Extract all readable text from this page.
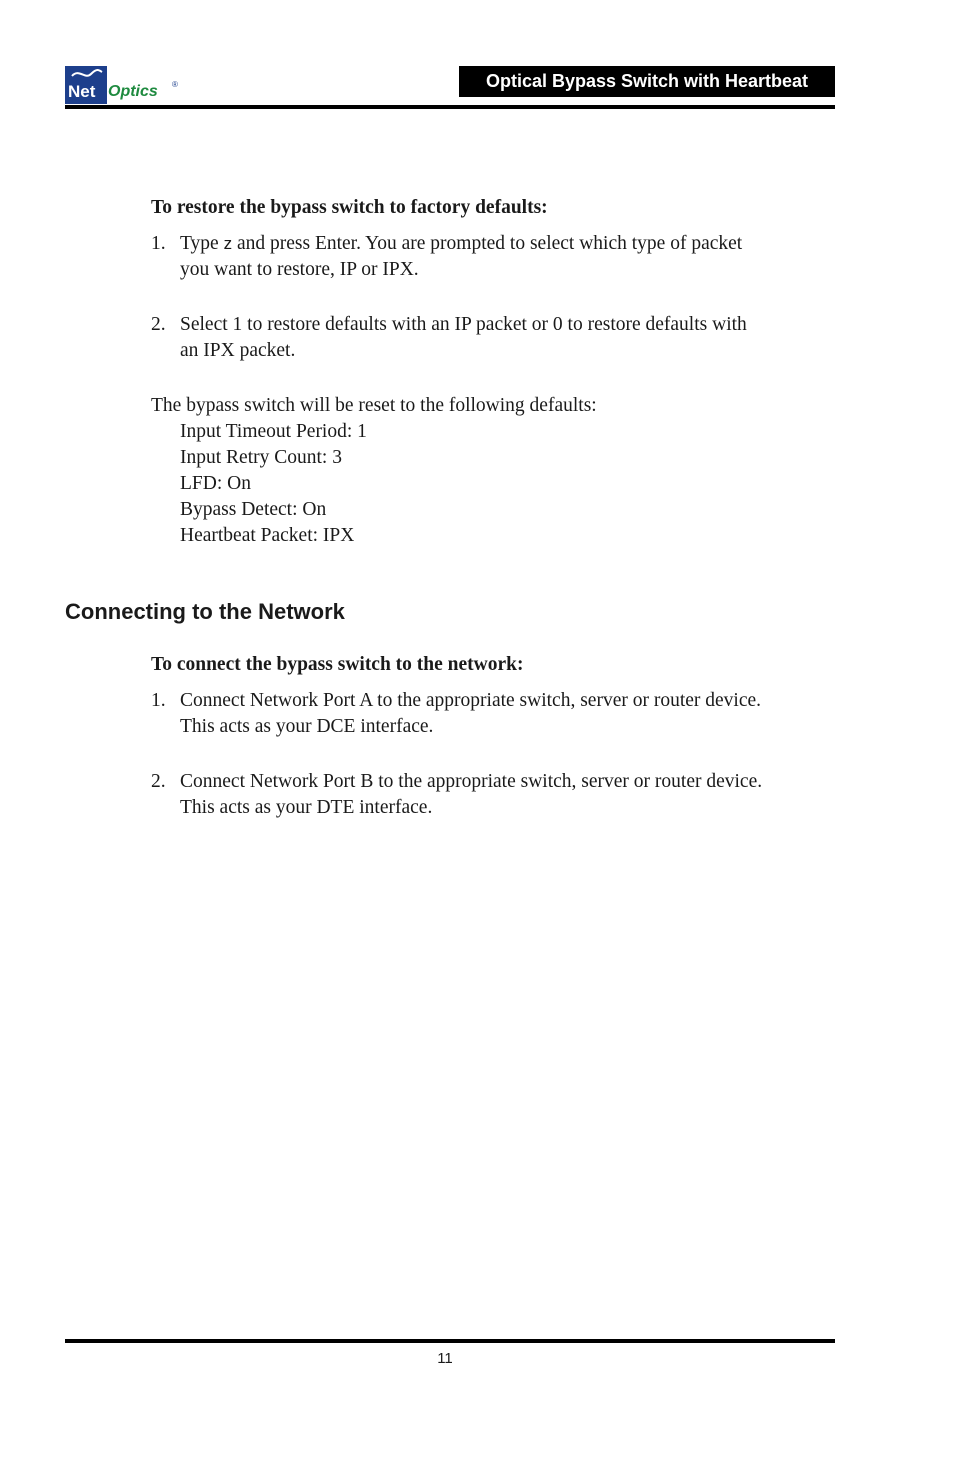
Net Optics ®	Optical Bypass Switch with Heartbeat
To restore the bypass switch to factory defaults:
1. Type z and press Enter. You are prompted to select which type of packet
you want to restore, IP or IPX.
2. Select 1 to restore defaults with an IP packet or 0 to restore defaults with
an IPX packet.
The bypass switch will be reset to the following defaults:
Input Timeout Period: 1
Input Retry Count: 3
LFD: On
Bypass Detect: On
Heartbeat Packet: IPX
Connecting to the Network
To connect the bypass switch to the network:
1. Connect Network Port A to the appropriate switch, server or router device.
This acts as your DCE interface.
2. Connect Network Port B to the appropriate switch, server or router device.
This acts as your DTE interface.
11
